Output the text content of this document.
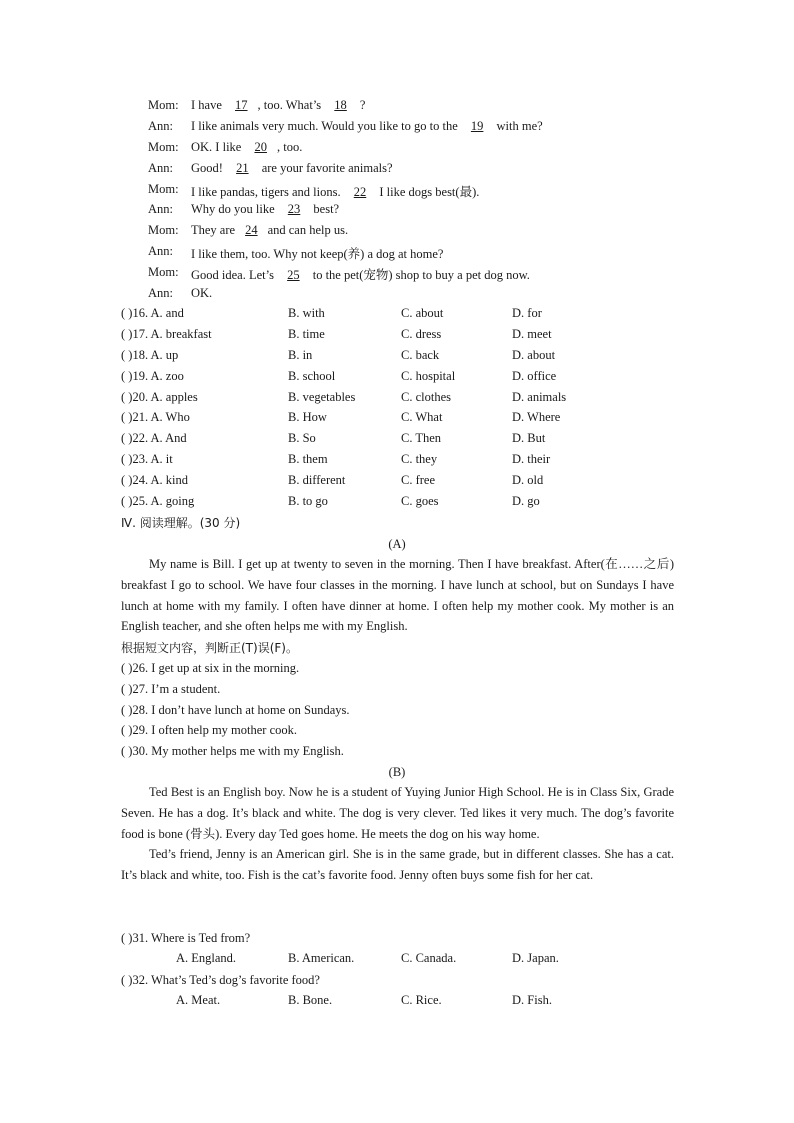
Mom: I have 17 , too. What’s 18 ?
Ann: I like animals very much. Would you like to go to the 19 with me?
Mom: OK. I like 20 , too.
Ann: Good! 21 are your favorite animals?
Mom: I like pandas, tigers and lions. 22 I like dogs best(最).
Ann: Why do you like 23 best?
Mom: They are 24 and can help us.
Ann: I like them, too. Why not keep(养) a dog at home?
Mom: Good idea. Let’s 25 to the pet(宠物) shop to buy a pet dog now.
Ann: OK.
( )16. A. and	B. with	C. about	D. for
( )17. A. breakfast	B. time	C. dress	D. meet
( )18. A. up	B. in	C. back	D. about
( )19. A. zoo	B. school	C. hospital	D. office
( )20. A. apples	B. vegetables	C. clothes	D. animals
( )21. A. Who	B. How	C. What	D. Where
( )22. A. And	B. So	C. Then	D. But
( )23. A. it	B. them	C. they	D. their
( )24. A. kind	B. different	C. free	D. old
( )25. A. going	B. to go	C. goes	D. go
Ⅳ. 阅读理解。(30 分)
(A)

My name is Bill. I get up at twenty to seven in the morning. Then I have breakfast. After(在……之后) breakfast I go to school. We have four classes in the morning. I have lunch at school, but on Sundays I have lunch at home with my family. I often have dinner at home. I often help my mother cook. My mother is an English teacher, and she often helps me with my English.

根据短文内容，判断正(T)误(F)。
( )26. I get up at six in the morning.
( )27. I’m a student.
( )28. I don’t have lunch at home on Sundays.
( )29. I often help my mother cook.
( )30. My mother helps me with my English.
(B)

Ted Best is an English boy. Now he is a student of Yuying Junior High School. He is in Class Six, Grade Seven. He has a dog. It’s black and white. The dog is very clever. Ted likes it very much. The dog’s favorite food is bone (骨头). Every day Ted goes home. He meets the dog on his way home.

Ted’s friend, Jenny is an American girl. She is in the same grade, but in different classes. She has a cat. It’s black and white, too. Fish is the cat’s favorite food. Jenny often buys some fish for her cat.

( )31. Where is Ted from?
A. England.	B. American.	C. Canada.	D. Japan.
( )32. What’s Ted’s dog’s favorite food?
A. Meat.	B. Bone.	C. Rice.	D. Fish.
